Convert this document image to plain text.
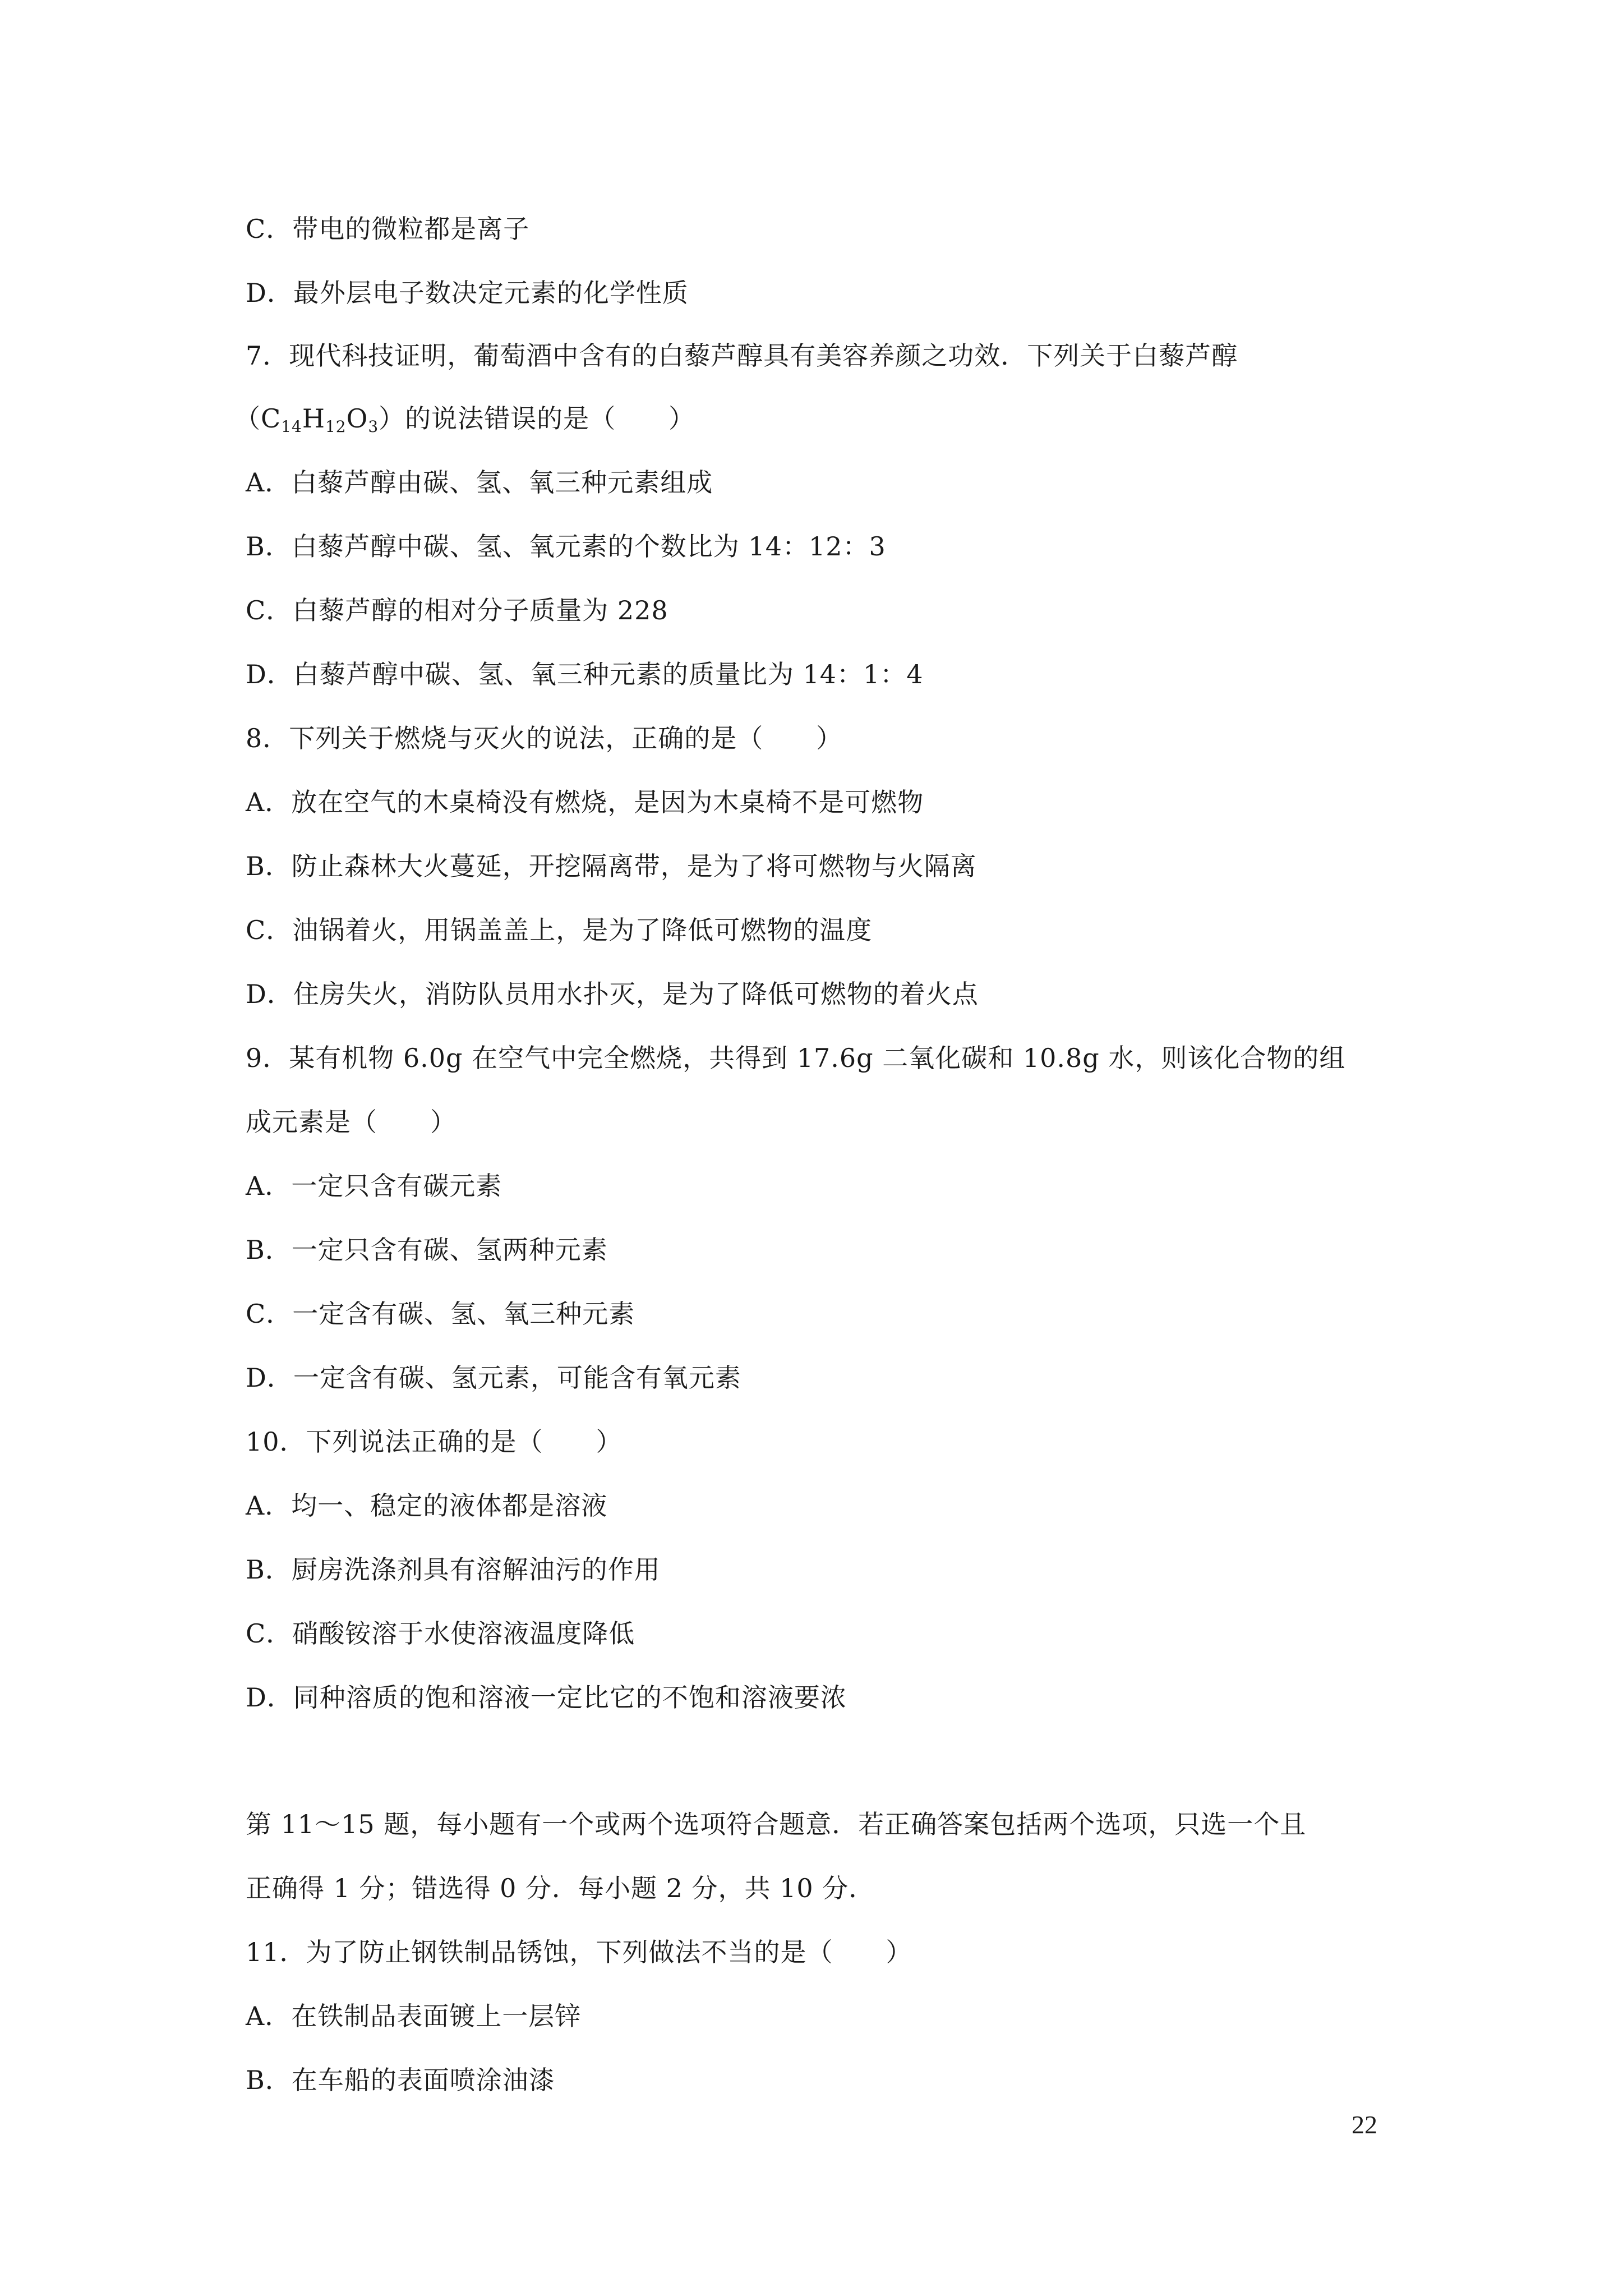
C．带电的微粒都是离子
D．最外层电子数决定元素的化学性质
7．现代科技证明，葡萄酒中含有的白藜芦醇具有美容养颜之功效．下列关于白藜芦醇
$(C_{14}H_{12}O_3)$的说法错误的是（　　）
A．白藜芦醇由碳、氢、氧三种元素组成
B．白藜芦醇中碳、氢、氧元素的个数比为 14：12：3
C．白藜芦醇的相对分子质量为 228
D．白藜芦醇中碳、氢、氧三种元素的质量比为 14：1：4
8．下列关于燃烧与灭火的说法，正确的是（　　）
A．放在空气的木桌椅没有燃烧，是因为木桌椅不是可燃物
B．防止森林大火蔓延，开挖隔离带，是为了将可燃物与火隔离
C．油锅着火，用锅盖盖上，是为了降低可燃物的温度
D．住房失火，消防队员用水扑灭，是为了降低可燃物的着火点
9．某有机物 6.0g 在空气中完全燃烧，共得到 17.6g 二氧化碳和 10.8g 水，则该化合物的组
成元素是（　　）
A．一定只含有碳元素
B．一定只含有碳、氢两种元素
C．一定含有碳、氢、氧三种元素
D．一定含有碳、氢元素，可能含有氧元素
10．下列说法正确的是（　　）
A．均一、稳定的液体都是溶液
B．厨房洗涤剂具有溶解油污的作用
C．硝酸铵溶于水使溶液温度降低
D．同种溶质的饱和溶液一定比它的不饱和溶液要浓
第 11～15 题，每小题有一个或两个选项符合题意．若正确答案包括两个选项，只选一个且
正确得 1 分；错选得 0 分．每小题 2 分，共 10 分．
11．为了防止钢铁制品锈蚀，下列做法不当的是（　　）
A．在铁制品表面镀上一层锌
B．在车船的表面喷涂油漆
22
